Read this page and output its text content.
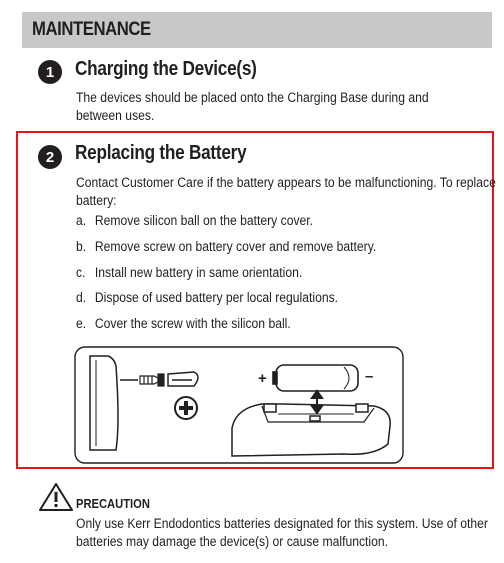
MAINTENANCE
1 Charging the Device(s)
The devices should be placed onto the Charging Base during and
between uses.
2 Replacing the Battery
Contact Customer Care if the battery appears to be malfunctioning. To replace
battery:
a. Remove silicon ball on the battery cover.
b. Remove screw on battery cover and remove battery.
c. Install new battery in same orientation.
d. Dispose of used battery per local regulations.
e. Cover the screw with the silicon ball.
+	–
PRECAUTION
Only use Kerr Endodontics batteries designated for this system. Use of other
batteries may damage the device(s) or cause malfunction.
